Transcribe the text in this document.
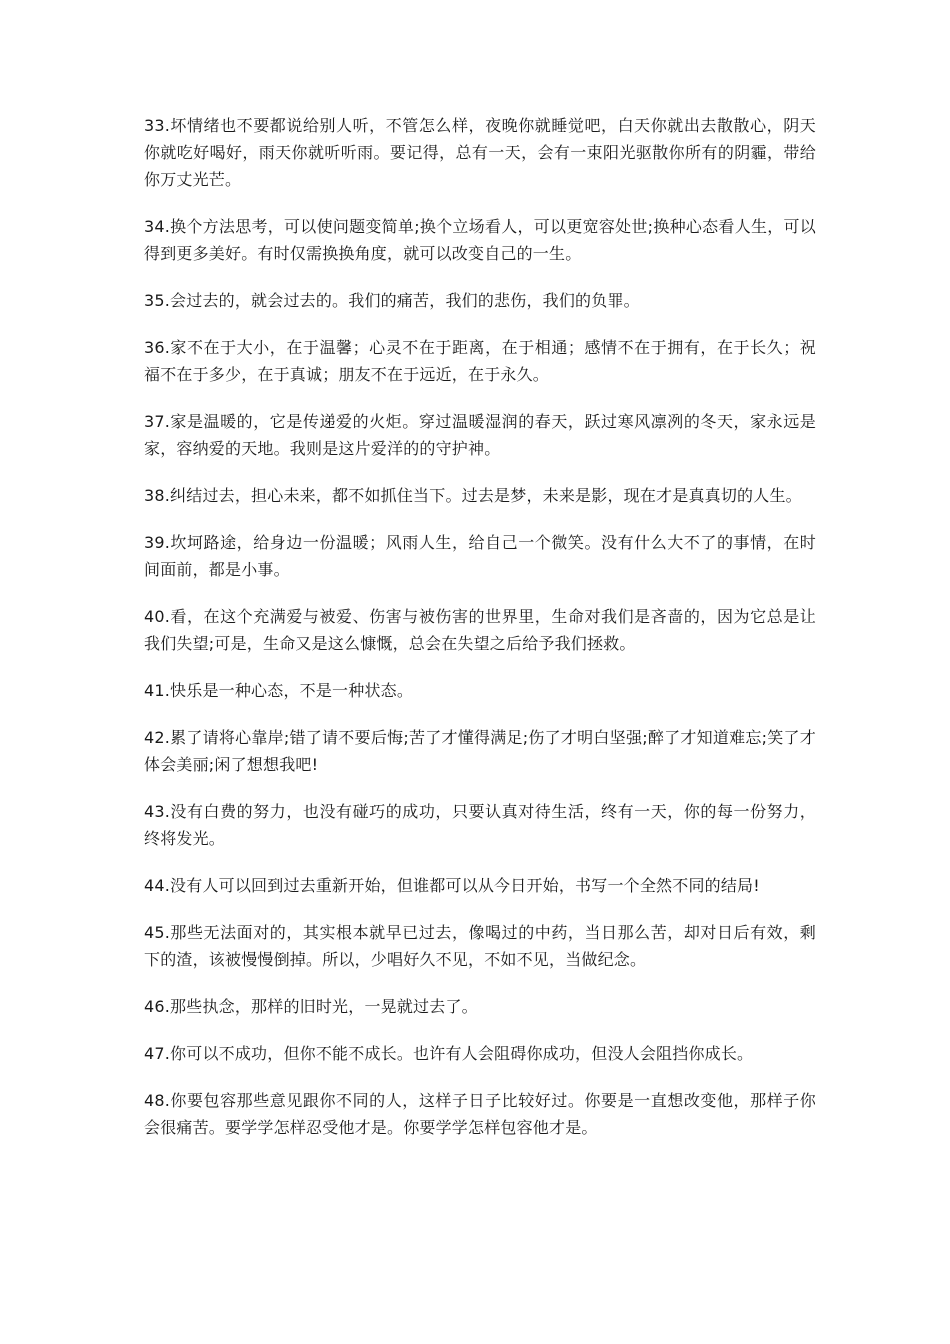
33.坏情绪也不要都说给别人听，不管怎么样，夜晚你就睡觉吧，白天你就出去散散心，阴天你就吃好喝好，雨天你就听听雨。要记得，总有一天，会有一束阳光驱散你所有的阴霾，带给你万丈光芒。

34.换个方法思考，可以使问题变简单;换个立场看人，可以更宽容处世;换种心态看人生，可以得到更多美好。有时仅需换换角度，就可以改变自己的一生。

35.会过去的，就会过去的。我们的痛苦，我们的悲伤，我们的负罪。

36.家不在于大小，在于温馨；心灵不在于距离，在于相通；感情不在于拥有，在于长久；祝福不在于多少，在于真诚；朋友不在于远近，在于永久。

37.家是温暖的，它是传递爱的火炬。穿过温暖湿润的春天，跃过寒风凛冽的冬天，家永远是家，容纳爱的天地。我则是这片爱洋的的守护神。

38.纠结过去，担心未来，都不如抓住当下。过去是梦，未来是影，现在才是真真切的人生。

39.坎坷路途，给身边一份温暖；风雨人生，给自己一个微笑。没有什么大不了的事情，在时间面前，都是小事。

40.看，在这个充满爱与被爱、伤害与被伤害的世界里，生命对我们是吝啬的，因为它总是让我们失望;可是，生命又是这么慷慨，总会在失望之后给予我们拯救。

41.快乐是一种心态，不是一种状态。

42.累了请将心靠岸;错了请不要后悔;苦了才懂得满足;伤了才明白坚强;醉了才知道难忘;笑了才体会美丽;闲了想想我吧!

43.没有白费的努力，也没有碰巧的成功，只要认真对待生活，终有一天，你的每一份努力，终将发光。

44.没有人可以回到过去重新开始，但谁都可以从今日开始，书写一个全然不同的结局!

45.那些无法面对的，其实根本就早已过去，像喝过的中药，当日那么苦，却对日后有效，剩下的渣，该被慢慢倒掉。所以，少唱好久不见，不如不见，当做纪念。

46.那些执念，那样的旧时光，一晃就过去了。

47.你可以不成功，但你不能不成长。也许有人会阻碍你成功，但没人会阻挡你成长。

48.你要包容那些意见跟你不同的人，这样子日子比较好过。你要是一直想改变他，那样子你会很痛苦。要学学怎样忍受他才是。你要学学怎样包容他才是。
